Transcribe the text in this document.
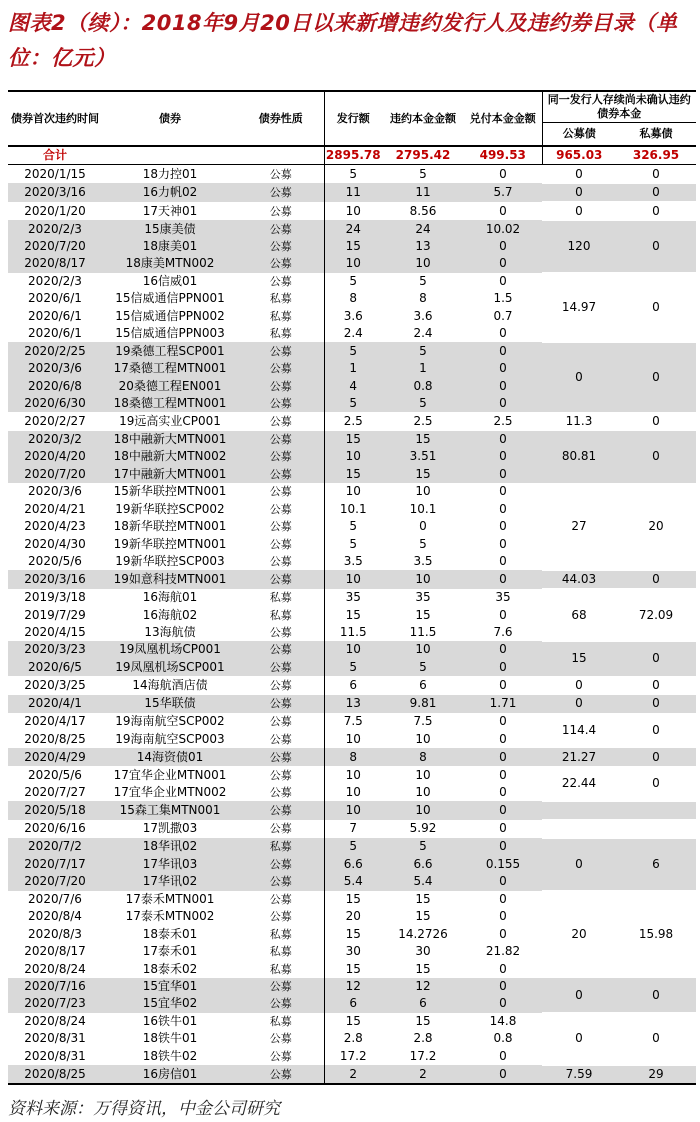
图表2（续）：2018年9月20日以来新增违约发行人及违约券目录（单位：亿元）
债券首次违约时间	债券	债券性质	发行额	违约本金金额	兑付本金金额	同一发行人存续尚未确认违约债券本金	
						公募债	私募债
合计			2895.78	2795.42	499.53	965.03	326.95
2020/1/15	18力控01	公募	5	5	0	0	0
2020/3/16	16力帆02	公募	11	11	5.7	0	0
2020/1/20	17天神01	公募	10	8.56	0	0	0
2020/2/3	15康美债	公募	24	24	10.02	120	0
2020/7/20	18康美01	公募	15	13	0		
2020/8/17	18康美MTN002	公募	10	10	0		
2020/2/3	16信威01	公募	5	5	0	14.97	0
2020/6/1	15信威通信PPN001	私募	8	8	1.5		
2020/6/1	15信威通信PPN002	私募	3.6	3.6	0.7		
2020/6/1	15信威通信PPN003	私募	2.4	2.4	0		
2020/2/25	19桑德工程SCP001	公募	5	5	0	0	0
2020/3/6	17桑德工程MTN001	公募	1	1	0		
2020/6/8	20桑德工程EN001	公募	4	0.8	0		
2020/6/30	18桑德工程MTN001	公募	5	5	0		
2020/2/27	19远高实业CP001	公募	2.5	2.5	2.5	11.3	0
2020/3/2	18中融新大MTN001	公募	15	15	0	80.81	0
2020/4/20	18中融新大MTN002	公募	10	3.51	0		
2020/7/20	17中融新大MTN001	公募	15	15	0		
2020/3/6	15新华联控MTN001	公募	10	10	0	27	20
2020/4/21	19新华联控SCP002	公募	10.1	10.1	0		
2020/4/23	18新华联控MTN001	公募	5	0	0		
2020/4/30	19新华联控MTN001	公募	5	5	0		
2020/5/6	19新华联控SCP003	公募	3.5	3.5	0		
2020/3/16	19如意科技MTN001	公募	10	10	0	44.03	0
2019/3/18	16海航01	私募	35	35	35	68	72.09
2019/7/29	16海航02	私募	15	15	0		
2020/4/15	13海航债	公募	11.5	11.5	7.6		
2020/3/23	19凤凰机场CP001	公募	10	10	0	15	0
2020/6/5	19凤凰机场SCP001	公募	5	5	0		
2020/3/25	14海航酒店债	公募	6	6	0	0	0
2020/4/1	15华联债	公募	13	9.81	1.71	0	0
2020/4/17	19海南航空SCP002	公募	7.5	7.5	0	114.4	0
2020/8/25	19海南航空SCP003	公募	10	10	0		
2020/4/29	14海资债01	公募	8	8	0	21.27	0
2020/5/6	17宜华企业MTN001	公募	10	10	0	22.44	0
2020/7/27	17宜华企业MTN002	公募	10	10	0		
2020/5/18	15森工集MTN001	公募	10	10	0		
2020/6/16	17凯撒03	公募	7	5.92	0		
2020/7/2	18华讯02	私募	5	5	0	0	6
2020/7/17	17华讯03	公募	6.6	6.6	0.155		
2020/7/20	17华讯02	公募	5.4	5.4	0		
2020/7/6	17泰禾MTN001	公募	15	15	0	20	15.98
2020/8/4	17泰禾MTN002	公募	20	15	0		
2020/8/3	18泰禾01	私募	15	14.2726	0		
2020/8/17	17泰禾01	私募	30	30	21.82		
2020/8/24	18泰禾02	私募	15	15	0		
2020/7/16	15宜华01	公募	12	12	0	0	0
2020/7/23	15宜华02	公募	6	6	0		
2020/8/24	16铁牛01	私募	15	15	14.8	0	0
2020/8/31	18铁牛01	公募	2.8	2.8	0.8		
2020/8/31	18铁牛02	公募	17.2	17.2	0		
2020/8/25	16房信01	公募	2	2	0	7.59	29
资料来源：万得资讯，中金公司研究
